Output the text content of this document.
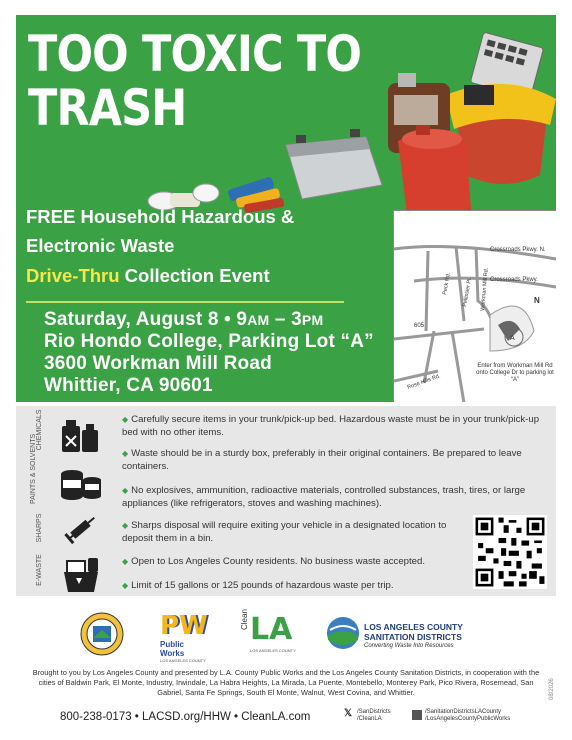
TOO TOXIC TO
TRASH
FREE Household Hazardous &
Electronic Waste
Drive-Thru Collection Event
Saturday, August 8 • 9AM – 3PM
Rio Hondo College, Parking Lot “A”
3600 Workman Mill Road
Whittier, CA 90601
A
Crossroads Pkwy. N.
Crossroads Pkwy.
605
N
Peck Rd. Pellissier Pl. Workman Mill Rd.
Rose Hills Rd.
Enter from Workman Mill Rd onto College Dr to parking lot “A”
CHEMICALS
PAINTS & SOLVENTS
SHARPS
E-WASTE
◆ Carefully secure items in your trunk/pick-up bed. Hazardous waste must be in your trunk/pick-up bed with no other items.
◆ Waste should be in a sturdy box, preferably in their original containers. Be prepared to leave containers.
◆ No explosives, ammunition, radioactive materials, controlled substances, trash, tires, or large appliances (like refrigerators, stoves and washing machines).
◆ Sharps disposal will require exiting your vehicle in a designated location to deposit them in a bin.
◆ Open to Los Angeles County residents. No business waste accepted.
◆ Limit of 15 gallons or 125 pounds of hazardous waste per trip.
PW
Public Works
LOS ANGELES COUNTY
Clean LA
LOS ANGELES COUNTY
LOS ANGELES COUNTY
SANITATION DISTRICTS
Converting Waste Into Resources
Brought to you by Los Angeles County and presented by L.A. County Public Works and the Los Angeles County Sanitation Districts, in cooperation with the cities of Baldwin Park, El Monte, Industry, Irwindale, La Habra Heights, La Mirada, La Puente, Montebello, Monterey Park, Pico Rivera, Rosemead, San Gabriel, Santa Fe Springs, South El Monte, Walnut, West Covina, and Whittier.
800-238-0173 • LACSD.org/HHW • CleanLA.com	𝕏 /SanDistricts
/CleanLA
/SanitationDistrictsLACounty
/LosAngelesCountyPublicWorks
08/2026
